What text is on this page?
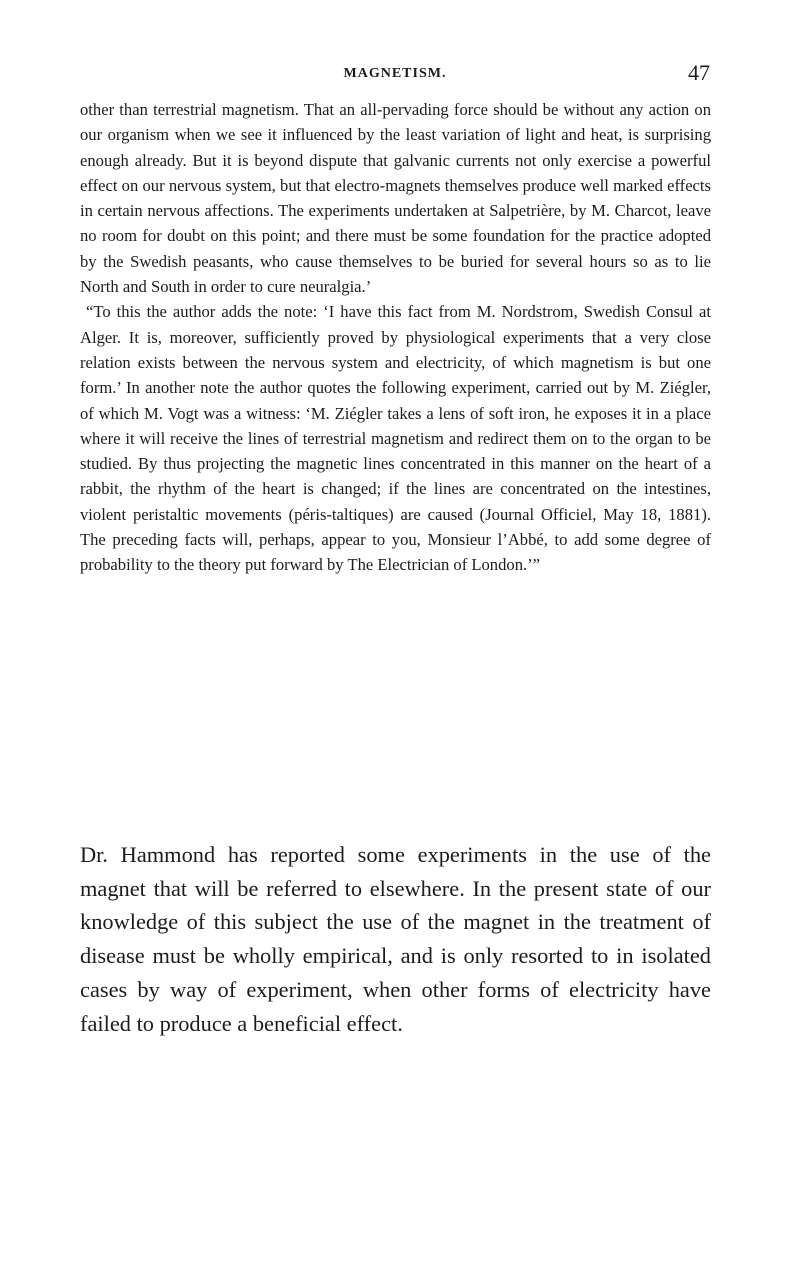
MAGNETISM.	47

other than terrestrial magnetism. That an all-pervading force should be without any action on our organism when we see it influenced by the least variation of light and heat, is surprising enough already. But it is beyond dispute that galvanic currents not only exercise a powerful effect on our nervous system, but that electro-magnets themselves produce well marked effects in certain nervous affections. The experiments undertaken at Salpetrière, by M. Charcot, leave no room for doubt on this point; and there must be some foundation for the practice adopted by the Swedish peasants, who cause themselves to be buried for several hours so as to lie North and South in order to cure neuralgia.’

“To this the author adds the note: ‘I have this fact from M. Nordstrom, Swedish Consul at Alger. It is, moreover, sufficiently proved by physiological experiments that a very close relation exists between the nervous system and electricity, of which magnetism is but one form.’ In another note the author quotes the following experiment, carried out by M. Ziégler, of which M. Vogt was a witness: ‘M. Ziégler takes a lens of soft iron, he exposes it in a place where it will receive the lines of terrestrial magnetism and redirect them on to the organ to be studied. By thus projecting the magnetic lines concentrated in this manner on the heart of a rabbit, the rhythm of the heart is changed; if the lines are concentrated on the intestines, violent peristaltic movements (péris-taltiques) are caused (Journal Officiel, May 18, 1881). The preceding facts will, perhaps, appear to you, Monsieur l’Abbé, to add some degree of probability to the theory put forward by The Electrician of London.’”

Dr. Hammond has reported some experiments in the use of the magnet that will be referred to elsewhere. In the present state of our knowledge of this subject the use of the magnet in the treatment of disease must be wholly empirical, and is only resorted to in isolated cases by way of experiment, when other forms of electricity have failed to produce a beneficial effect.
